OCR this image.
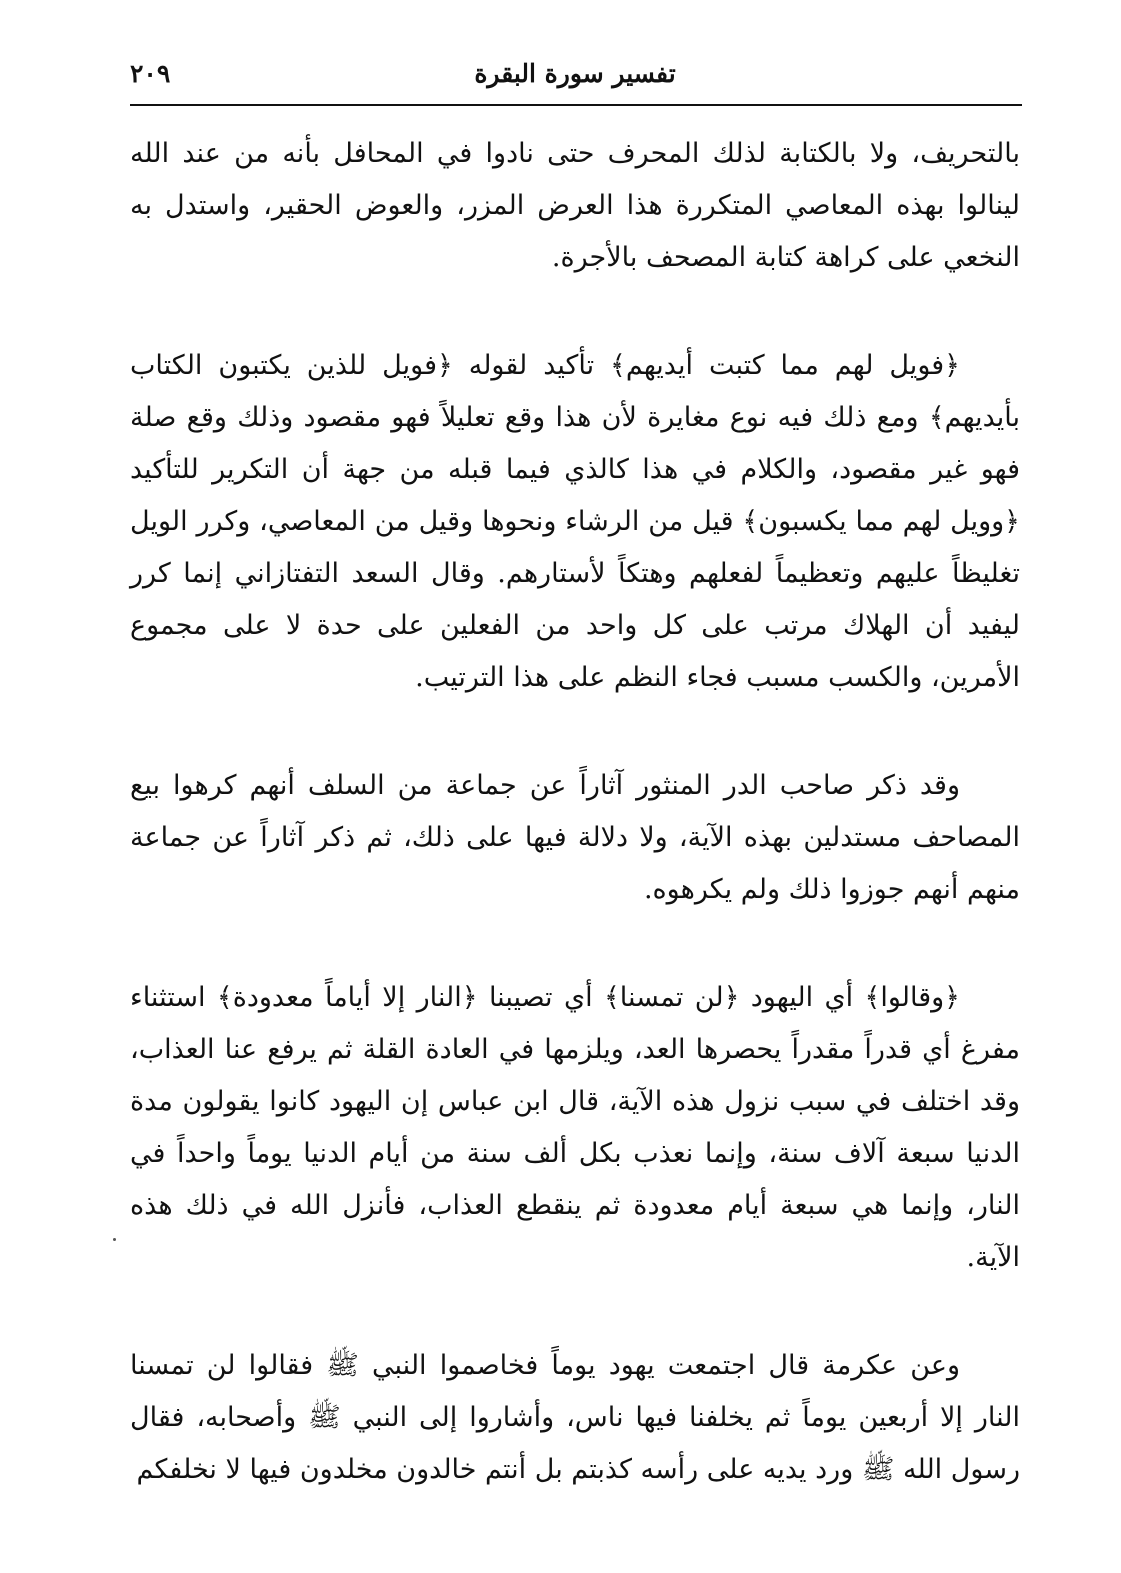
تفسير سورة البقرة
٢٠٩

بالتحريف، ولا بالكتابة لذلك المحرف حتى نادوا في المحافل بأنه من عند الله لينالوا بهذه المعاصي المتكررة هذا العرض المزر، والعوض الحقير، واستدل به النخعي على كراهة كتابة المصحف بالأجرة.

﴿فويل لهم مما كتبت أيديهم﴾ تأكيد لقوله ﴿فويل للذين يكتبون الكتاب بأيديهم﴾ ومع ذلك فيه نوع مغايرة لأن هذا وقع تعليلاً فهو مقصود وذلك وقع صلة فهو غير مقصود، والكلام في هذا كالذي فيما قبله من جهة أن التكرير للتأكيد ﴿وويل لهم مما يكسبون﴾ قيل من الرشاء ونحوها وقيل من المعاصي، وكرر الويل تغليظاً عليهم وتعظيماً لفعلهم وهتكاً لأستارهم. وقال السعد التفتازاني إنما كرر ليفيد أن الهلاك مرتب على كل واحد من الفعلين على حدة لا على مجموع الأمرين، والكسب مسبب فجاء النظم على هذا الترتيب.

وقد ذكر صاحب الدر المنثور آثاراً عن جماعة من السلف أنهم كرهوا بيع المصاحف مستدلين بهذه الآية، ولا دلالة فيها على ذلك، ثم ذكر آثاراً عن جماعة منهم أنهم جوزوا ذلك ولم يكرهوه.

﴿وقالوا﴾ أي اليهود ﴿لن تمسنا﴾ أي تصيبنا ﴿النار إلا أياماً معدودة﴾ استثناء مفرغ أي قدراً مقدراً يحصرها العد، ويلزمها في العادة القلة ثم يرفع عنا العذاب، وقد اختلف في سبب نزول هذه الآية، قال ابن عباس إن اليهود كانوا يقولون مدة الدنيا سبعة آلاف سنة، وإنما نعذب بكل ألف سنة من أيام الدنيا يوماً واحداً في النار، وإنما هي سبعة أيام معدودة ثم ينقطع العذاب، فأنزل الله في ذلك هذه الآية.

وعن عكرمة قال اجتمعت يهود يوماً فخاصموا النبي ﷺ فقالوا لن تمسنا النار إلا أربعين يوماً ثم يخلفنا فيها ناس، وأشاروا إلى النبي ﷺ وأصحابه، فقال رسول الله ﷺ ورد يديه على رأسه كذبتم بل أنتم خالدون مخلدون فيها لا نخلفكم
